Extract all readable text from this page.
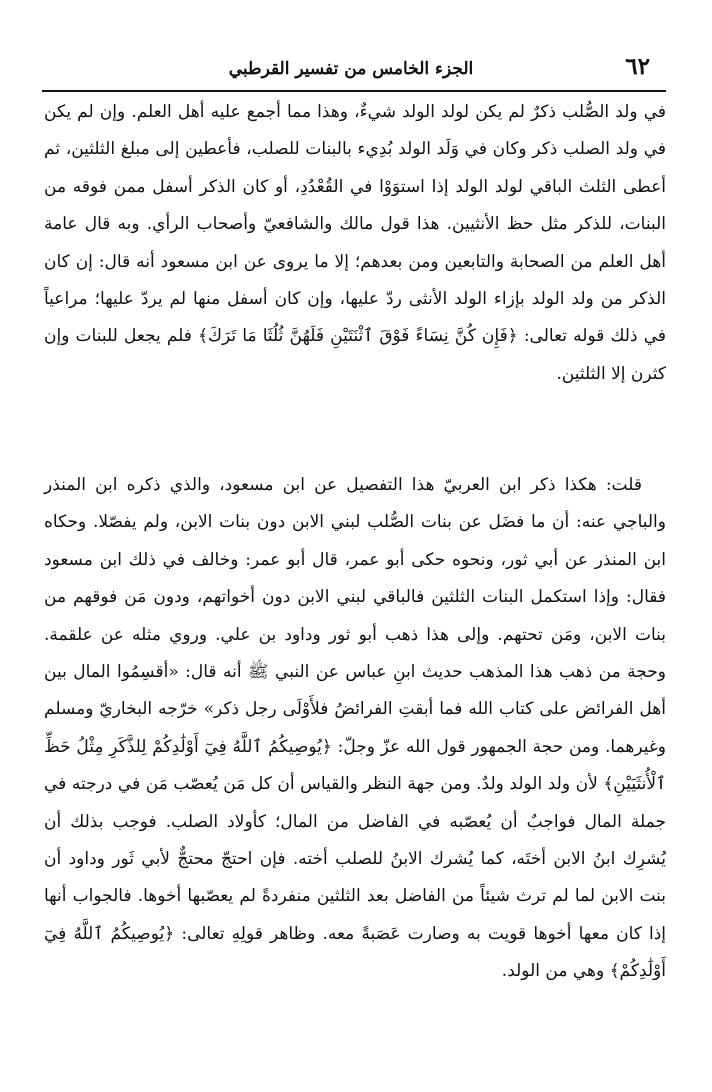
٦٢
الجزء الخامس من تفسير القرطبي

في ولد الصُّلب ذكرٌ لم يكن لولد الولد شيءٌ، وهذا مما أجمع عليه أهل العلم. وإن لم يكن في ولد الصلب ذكر وكان في وَلَد الولد بُدِيء بالبنات للصلب، فأعطين إلى مبلغ الثلثين، ثم أعطى الثلث الباقي لولد الولد إذا استوَوْا في القُعْدُدِ، أو كان الذكر أسفل ممن فوقه من البنات، للذكر مثل حظ الأنثيين. هذا قول مالك والشافعيّ وأصحاب الرأي. وبه قال عامة أهل العلم من الصحابة والتابعين ومن بعدهم؛ إلا ما يروى عن ابن مسعود أنه قال: إن كان الذكر من ولد الولد بإزاء الولد الأنثى ردّ عليها، وإن كان أسفل منها لم يردّ عليها؛ مراعياً في ذلك قوله تعالى: ﴿فَإِن كُنَّ نِسَاءً فَوْقَ ٱثْنَتَيْنِ فَلَهُنَّ ثُلُثَا مَا تَرَكَ﴾ فلم يجعل للبنات وإن كثرن إلا الثلثين.

قلت: هكذا ذكر ابن العربيّ هذا التفصيل عن ابن مسعود، والذي ذكره ابن المنذر والباجي عنه: أن ما فضَل عن بنات الصُّلب لبني الابن دون بنات الابن، ولم يفصّلا. وحكاه ابن المنذر عن أبي ثور، ونحوه حكى أبو عمر، قال أبو عمر: وخالف في ذلك ابن مسعود فقال: وإذا استكمل البنات الثلثين فالباقي لبني الابن دون أخواتهم، ودون مَن فوقهم من بنات الابن، ومَن تحتهم. وإلى هذا ذهب أبو ثور وداود بن علي. وروي مثله عن علقمة. وحجة من ذهب هذا المذهب حديث ابنِ عباس عن النبي ﷺ أنه قال: «أقسِمُوا المال بين أهل الفرائض على كتاب الله فما أبقتِ الفرائضُ فلأَوْلَى رجل ذكر» خرّجه البخاريّ ومسلم وغيرهما. ومن حجة الجمهور قول الله عزّ وجلّ: ﴿يُوصِيكُمُ ٱللَّهُ فِيٓ أَوْلَٰدِكُمْ لِلذَّكَرِ مِثْلُ حَظِّ ٱلْأُنثَيَيْنِ﴾ لأن ولد الولد ولدٌ. ومن جهة النظر والقياس أن كل مَن يُعصّب مَن في درجته في جملة المال فواجبٌ أن يُعصّبه في الفاضل من المال؛ كأولاد الصلب. فوجب بذلك أن يُشرِك ابنُ الابن أختَه، كما يُشرك الابنُ للصلب أخته. فإن احتجّ محتجٌّ لأبي ثَور وداود أن بنت الابن لما لم ترث شيئاً من الفاضل بعد الثلثين منفردةً لم يعصّبها أخوها. فالجواب أنها إذا كان معها أخوها قويت به وصارت عَصَبةً معه. وظاهر قولِهِ تعالى: ﴿يُوصِيكُمُ ٱللَّهُ فِيٓ أَوْلَٰدِكُمْ﴾ وهي من الولد.
